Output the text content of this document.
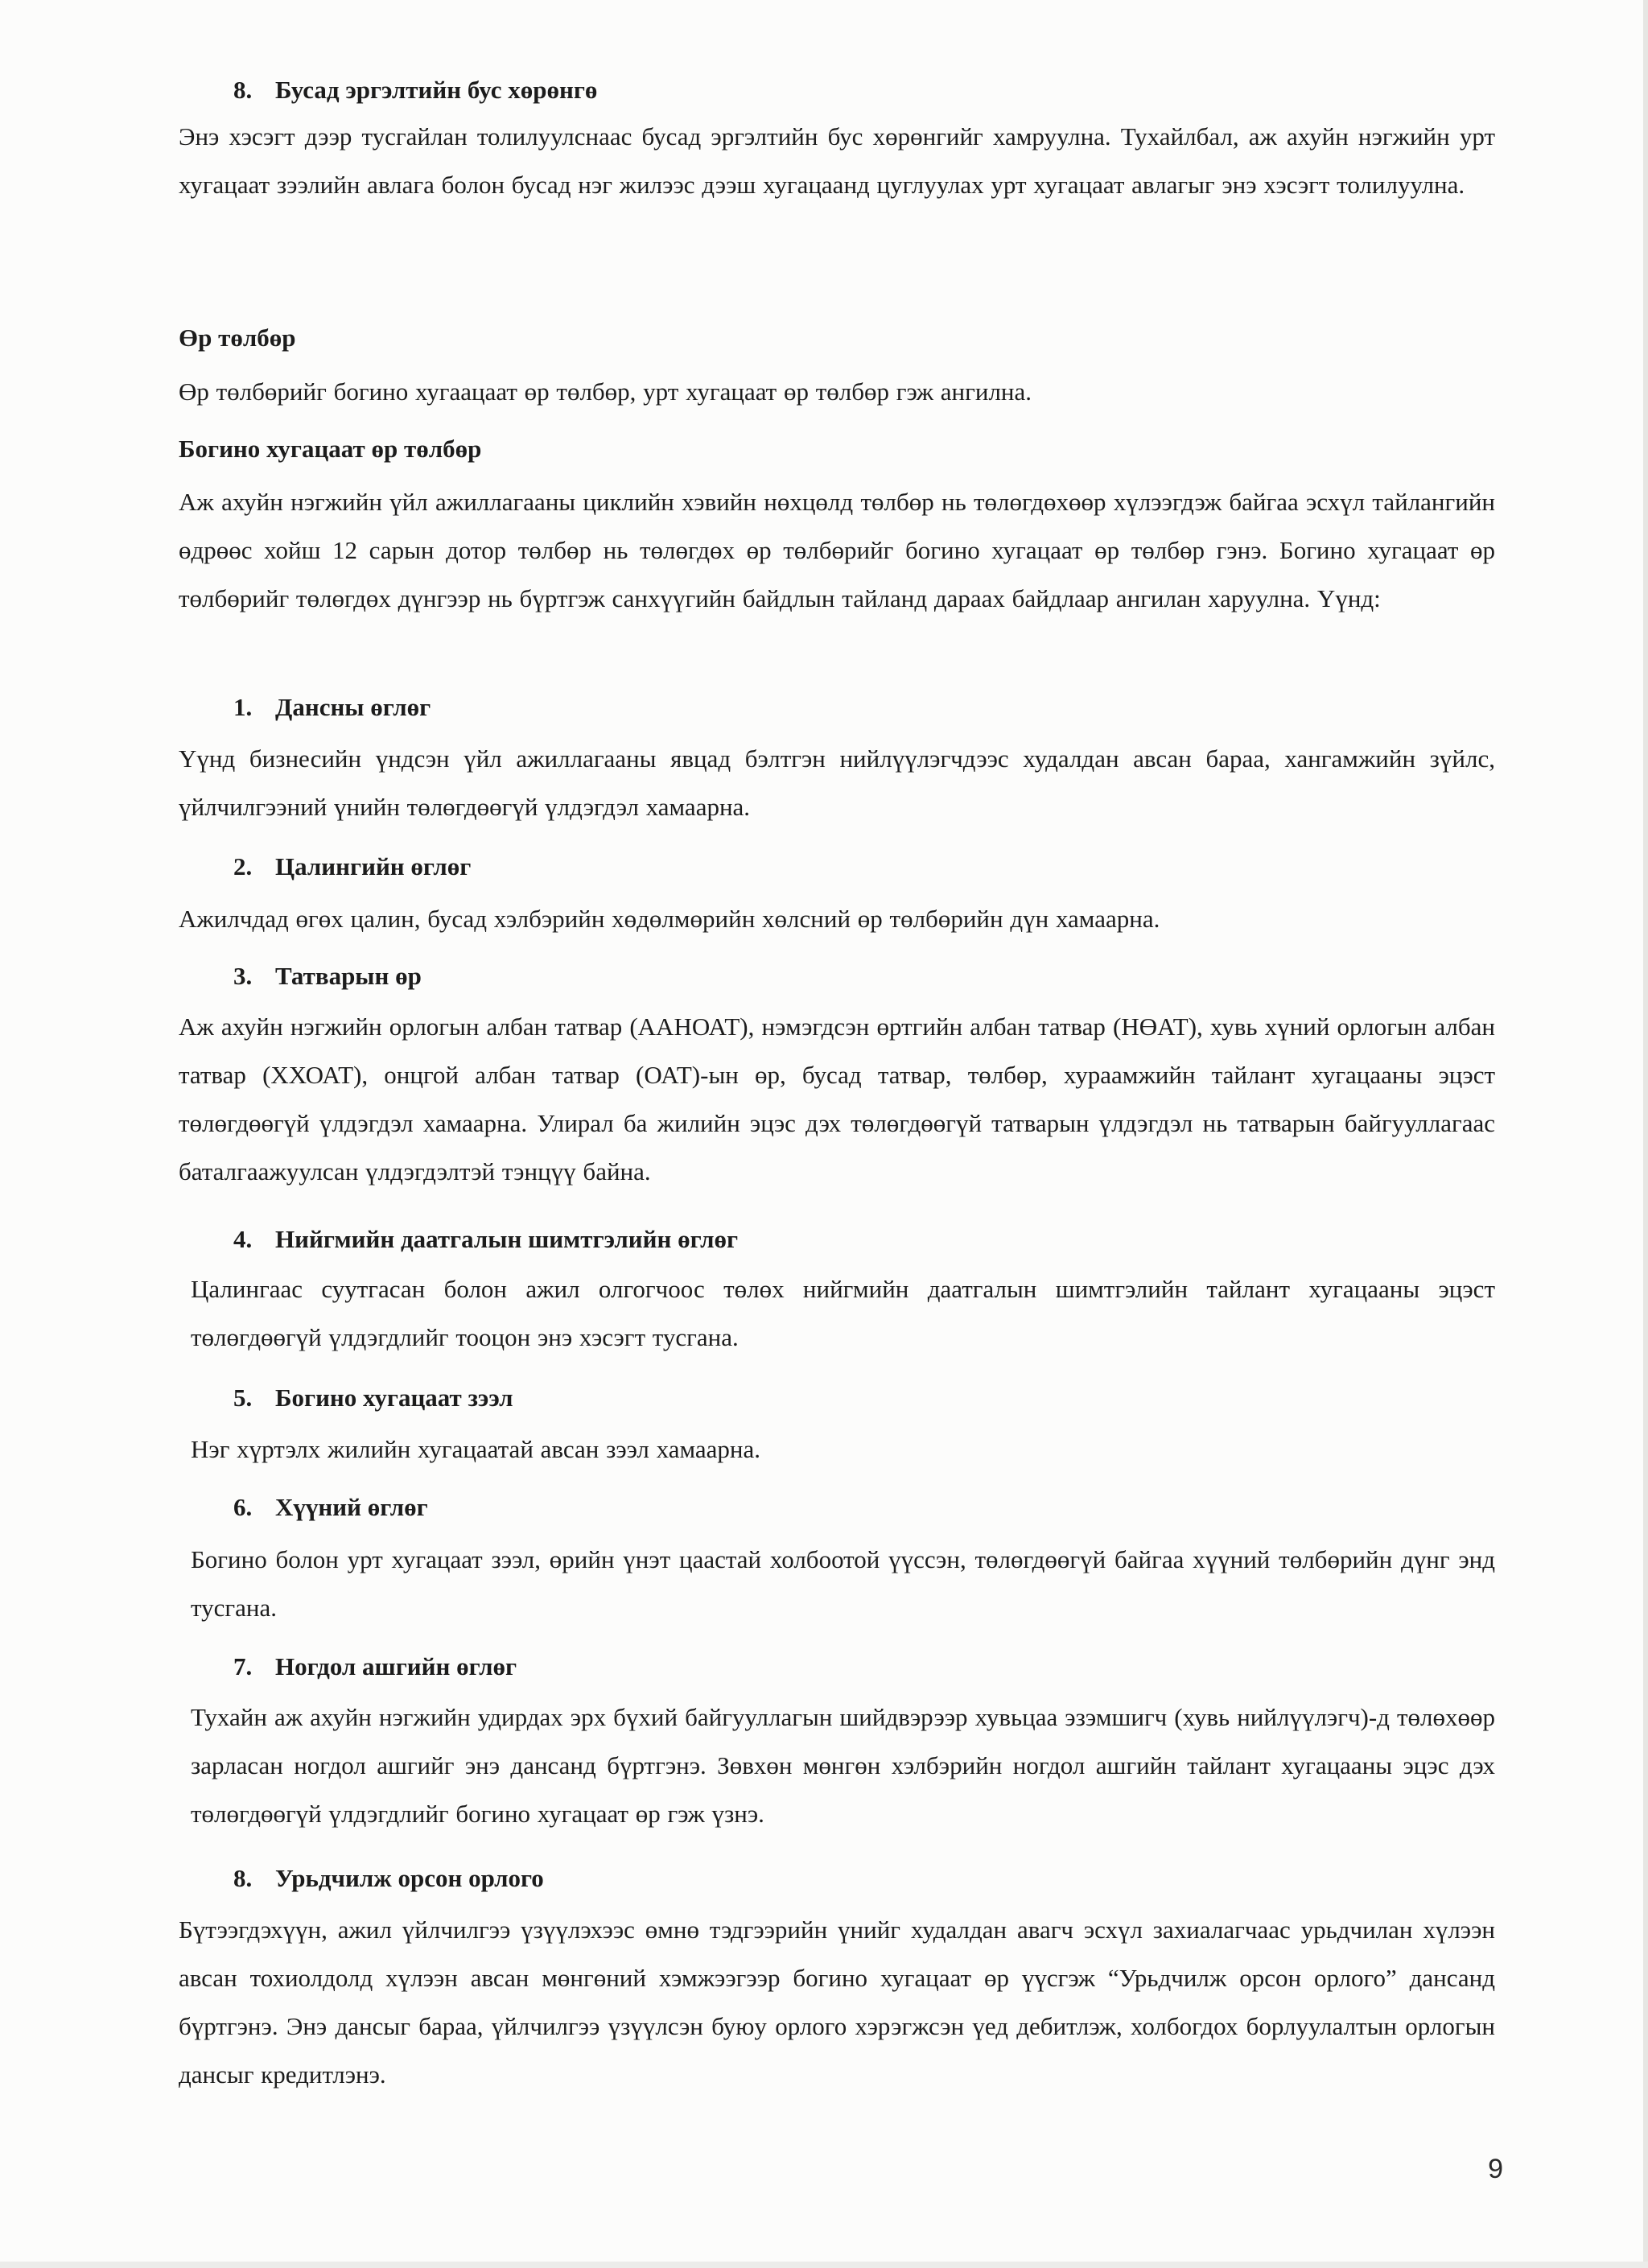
8. Бусад эргэлтийн бус хөрөнгө

Энэ хэсэгт дээр тусгайлан толилуулснаас бусад эргэлтийн бус хөрөнгийг хамруулна. Тухайлбал, аж ахуйн нэгжийн урт хугацаат зээлийн авлага болон бусад нэг жилээс дээш хугацаанд цуглуулах урт хугацаат авлагыг энэ хэсэгт толилуулна.

Өр төлбөр

Өр төлбөрийг богино хугаацаат өр төлбөр, урт хугацаат өр төлбөр гэж ангилна.

Богино хугацаат өр төлбөр

Аж ахуйн нэгжийн үйл ажиллагааны циклийн хэвийн нөхцөлд төлбөр нь төлөгдөхөөр хүлээгдэж байгаа эсхүл тайлангийн өдрөөс хойш 12 сарын дотор төлбөр нь төлөгдөх өр төлбөрийг богино хугацаат өр төлбөр гэнэ. Богино хугацаат өр төлбөрийг төлөгдөх дүнгээр нь бүртгэж санхүүгийн байдлын тайланд дараах байдлаар ангилан харуулна. Үүнд:

1. Дансны өглөг

Үүнд бизнесийн үндсэн үйл ажиллагааны явцад бэлтгэн нийлүүлэгчдээс худалдан авсан бараа, хангамжийн зүйлс, үйлчилгээний үнийн төлөгдөөгүй үлдэгдэл хамаарна.

2. Цалингийн өглөг

Ажилчдад өгөх цалин, бусад хэлбэрийн хөдөлмөрийн хөлсний өр төлбөрийн дүн хамаарна.

3. Татварын өр

Аж ахуйн нэгжийн орлогын албан татвар (ААНОАТ), нэмэгдсэн өртгийн албан татвар (НӨАТ), хувь хүний орлогын албан татвар (ХХОАТ), онцгой албан татвар (ОАТ)-ын өр, бусад татвар, төлбөр, хураамжийн тайлант хугацааны эцэст төлөгдөөгүй үлдэгдэл хамаарна. Улирал ба жилийн эцэс дэх төлөгдөөгүй татварын үлдэгдэл нь татварын байгууллагаас баталгаажуулсан үлдэгдэлтэй тэнцүү байна.

4. Нийгмийн даатгалын шимтгэлийн өглөг

Цалингаас суутгасан болон ажил олгогчоос төлөх нийгмийн даатгалын шимтгэлийн тайлант хугацааны эцэст төлөгдөөгүй үлдэгдлийг тооцон энэ хэсэгт тусгана.

5. Богино хугацаат зээл

Нэг хүртэлх жилийн хугацаатай авсан зээл хамаарна.

6. Хүүний өглөг

Богино болон урт хугацаат зээл, өрийн үнэт цаастай холбоотой үүссэн, төлөгдөөгүй байгаа хүүний төлбөрийн дүнг энд тусгана.

7. Ногдол ашгийн өглөг

Тухайн аж ахуйн нэгжийн удирдах эрх бүхий байгууллагын шийдвэрээр хувьцаа эзэмшигч (хувь нийлүүлэгч)-д төлөхөөр зарласан ногдол ашгийг энэ дансанд бүртгэнэ. Зөвхөн мөнгөн хэлбэрийн ногдол ашгийн тайлант хугацааны эцэс дэх төлөгдөөгүй үлдэгдлийг богино хугацаат өр гэж үзнэ.

8. Урьдчилж орсон орлого

Бүтээгдэхүүн, ажил үйлчилгээ үзүүлэхээс өмнө тэдгээрийн үнийг худалдан авагч эсхүл захиалагчаас урьдчилан хүлээн авсан тохиолдолд хүлээн авсан мөнгөний хэмжээгээр богино хугацаат өр үүсгэж “Урьдчилж орсон орлого” дансанд бүртгэнэ. Энэ дансыг бараа, үйлчилгээ үзүүлсэн буюу орлого хэрэгжсэн үед дебитлэж, холбогдох борлуулалтын орлогын дансыг кредитлэнэ.

9
